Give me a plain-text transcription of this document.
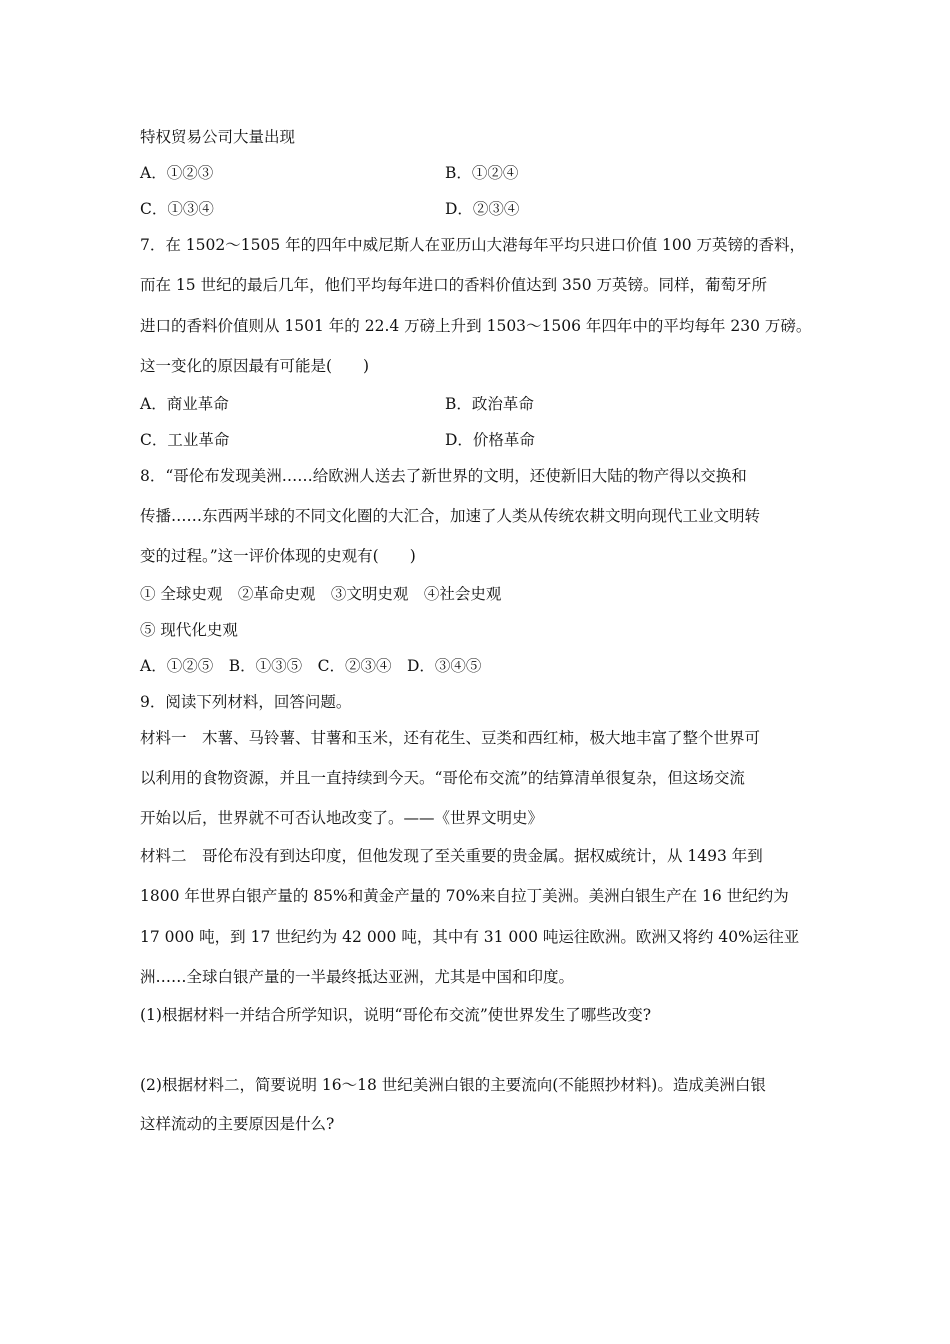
特权贸易公司大量出现
A．①②③	B．①②④
C．①③④	D．②③④
7．在 1502～1505 年的四年中威尼斯人在亚历山大港每年平均只进口价值 100 万英镑的香料，
而在 15 世纪的最后几年，他们平均每年进口的香料价值达到 350 万英镑。同样，葡萄牙所
进口的香料价值则从 1501 年的 22.4 万磅上升到 1503～1506 年四年中的平均每年 230 万磅。
这一变化的原因最有可能是(　　)
A．商业革命	B．政治革命
C．工业革命	D．价格革命
8．“哥伦布发现美洲……给欧洲人送去了新世界的文明，还使新旧大陆的物产得以交换和
传播……东西两半球的不同文化圈的大汇合，加速了人类从传统农耕文明向现代工业文明转
变的过程。”这一评价体现的史观有(　　)
① 全球史观　②革命史观　③文明史观　④社会史观
⑤ 现代化史观
A．①②⑤　B．①③⑤　C．②③④　D．③④⑤
9．阅读下列材料，回答问题。
材料一　木薯、马铃薯、甘薯和玉米，还有花生、豆类和西红柿，极大地丰富了整个世界可
以利用的食物资源，并且一直持续到今天。“哥伦布交流”的结算清单很复杂，但这场交流
开始以后，世界就不可否认地改变了。——《世界文明史》
材料二　哥伦布没有到达印度，但他发现了至关重要的贵金属。据权威统计，从 1493 年到
1800 年世界白银产量的 85%和黄金产量的 70%来自拉丁美洲。美洲白银生产在 16 世纪约为
17 000 吨，到 17 世纪约为 42 000 吨，其中有 31 000 吨运往欧洲。欧洲又将约 40%运往亚
洲……全球白银产量的一半最终抵达亚洲，尤其是中国和印度。
(1)根据材料一并结合所学知识，说明“哥伦布交流”使世界发生了哪些改变?
(2)根据材料二，简要说明 16～18 世纪美洲白银的主要流向(不能照抄材料)。造成美洲白银
这样流动的主要原因是什么?
